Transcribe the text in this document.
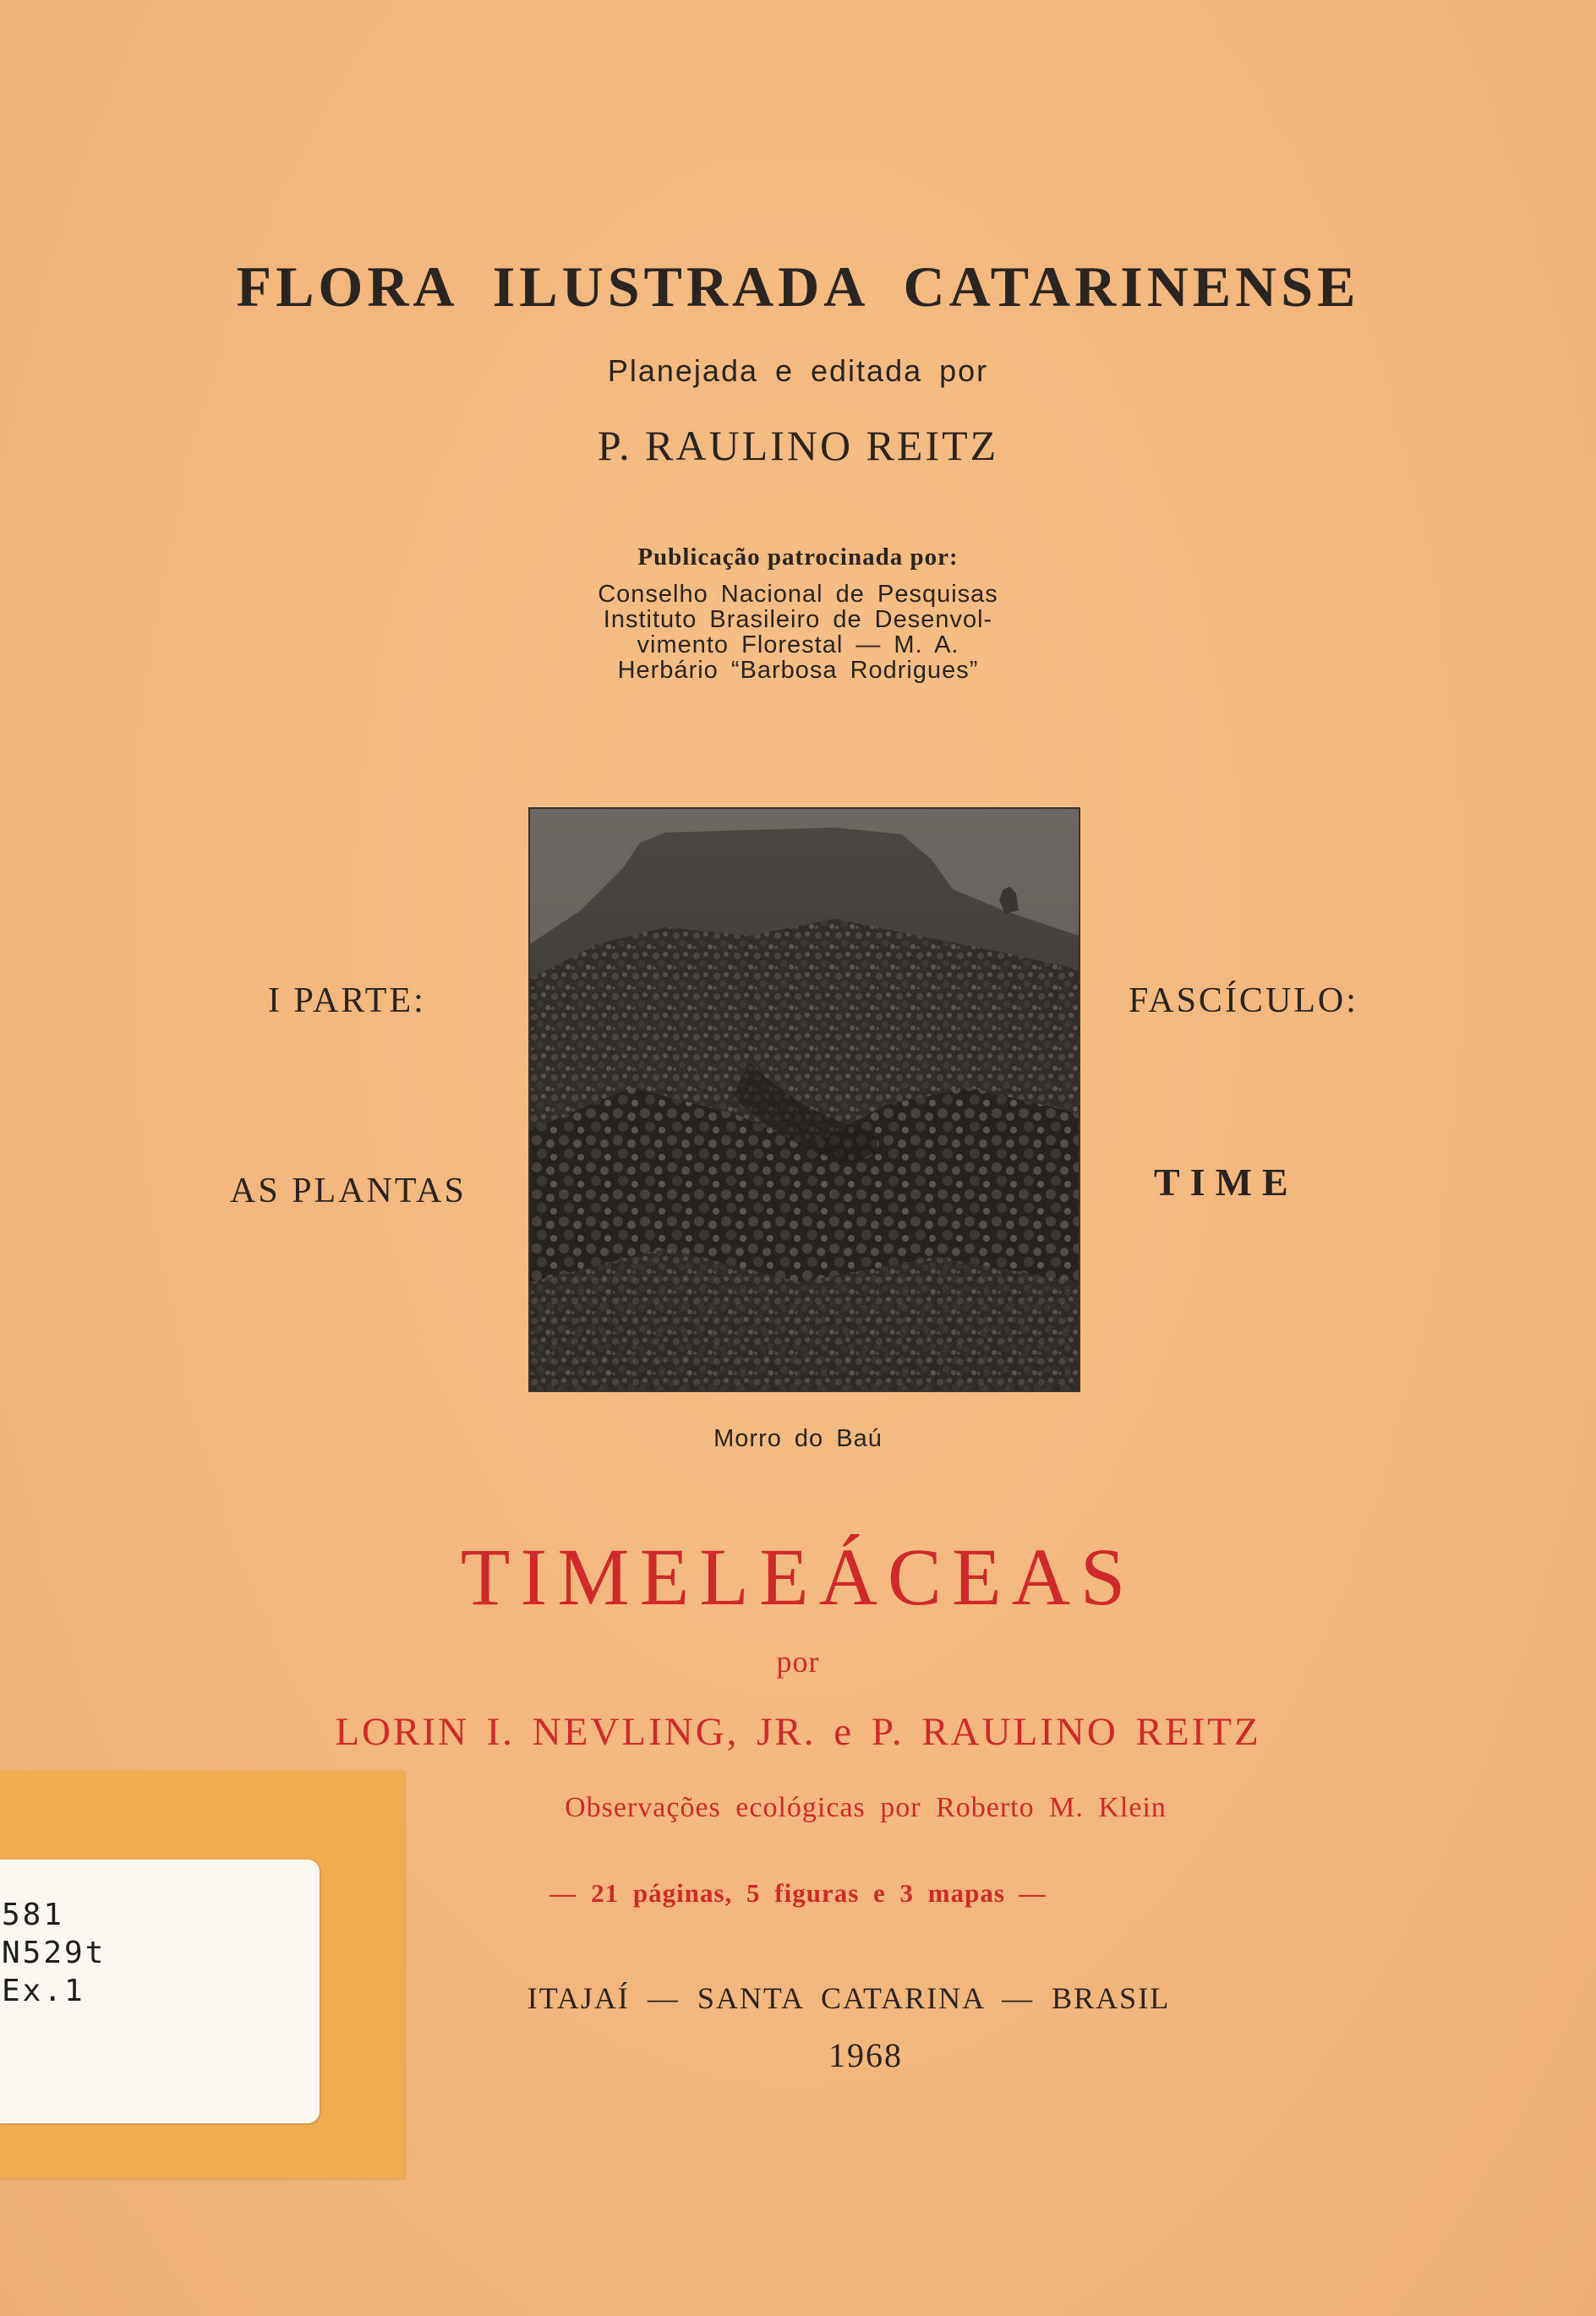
FLORA ILUSTRADA CATARINENSE
Planejada e editada por
P. RAULINO REITZ
Publicação patrocinada por:
Conselho Nacional de Pesquisas
Instituto Brasileiro de Desenvol-
vimento Florestal — M. A.
Herbário “Barbosa Rodrigues”
I PARTE:
AS PLANTAS
FASCÍCULO:
TIME
Morro do Baú
TIMELEÁCEAS
por
LORIN I. NEVLING, JR. e P. RAULINO REITZ
Observações ecológicas por Roberto M. Klein
— 21 páginas, 5 figuras e 3 mapas —
ITAJAÍ — SANTA CATARINA — BRASIL
1968
581
N529t
Ex.1
